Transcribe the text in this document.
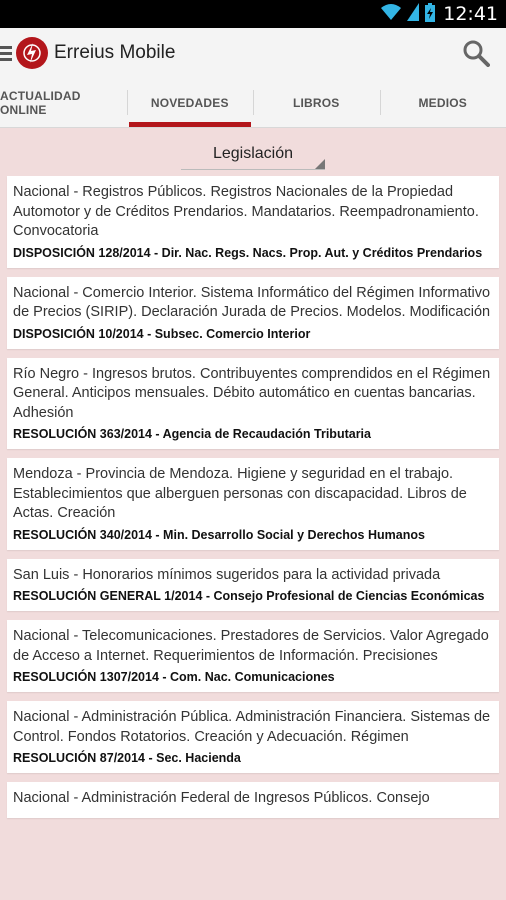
12:41
Erreius Mobile
ACTUALIDAD ONLINE	NOVEDADES	LIBROS	MEDIOS
Legislación
Nacional - Registros Públicos. Registros Nacionales de la Propiedad Automotor y de Créditos Prendarios. Mandatarios. Reempadronamiento. Convocatoria
DISPOSICIÓN 128/2014 - Dir. Nac. Regs. Nacs. Prop. Aut. y Créditos Prendarios
Nacional - Comercio Interior. Sistema Informático del Régimen Informativo de Precios (SIRIP). Declaración Jurada de Precios. Modelos. Modificación
DISPOSICIÓN 10/2014 - Subsec. Comercio Interior
Río Negro - Ingresos brutos. Contribuyentes comprendidos en el Régimen General. Anticipos mensuales. Débito automático en cuentas bancarias. Adhesión
RESOLUCIÓN 363/2014 - Agencia de Recaudación Tributaria
Mendoza - Provincia de Mendoza. Higiene y seguridad en el trabajo. Establecimientos que alberguen personas con discapacidad. Libros de Actas. Creación
RESOLUCIÓN 340/2014 - Min. Desarrollo Social y Derechos Humanos
San Luis - Honorarios mínimos sugeridos para la actividad privada
RESOLUCIÓN GENERAL 1/2014 - Consejo Profesional de Ciencias Económicas
Nacional - Telecomunicaciones. Prestadores de Servicios. Valor Agregado de Acceso a Internet. Requerimientos de Información. Precisiones
RESOLUCIÓN 1307/2014 - Com. Nac. Comunicaciones
Nacional - Administración Pública. Administración Financiera. Sistemas de Control. Fondos Rotatorios. Creación y Adecuación. Régimen
RESOLUCIÓN 87/2014 - Sec. Hacienda
Nacional - Administración Federal de Ingresos Públicos. Consejo
